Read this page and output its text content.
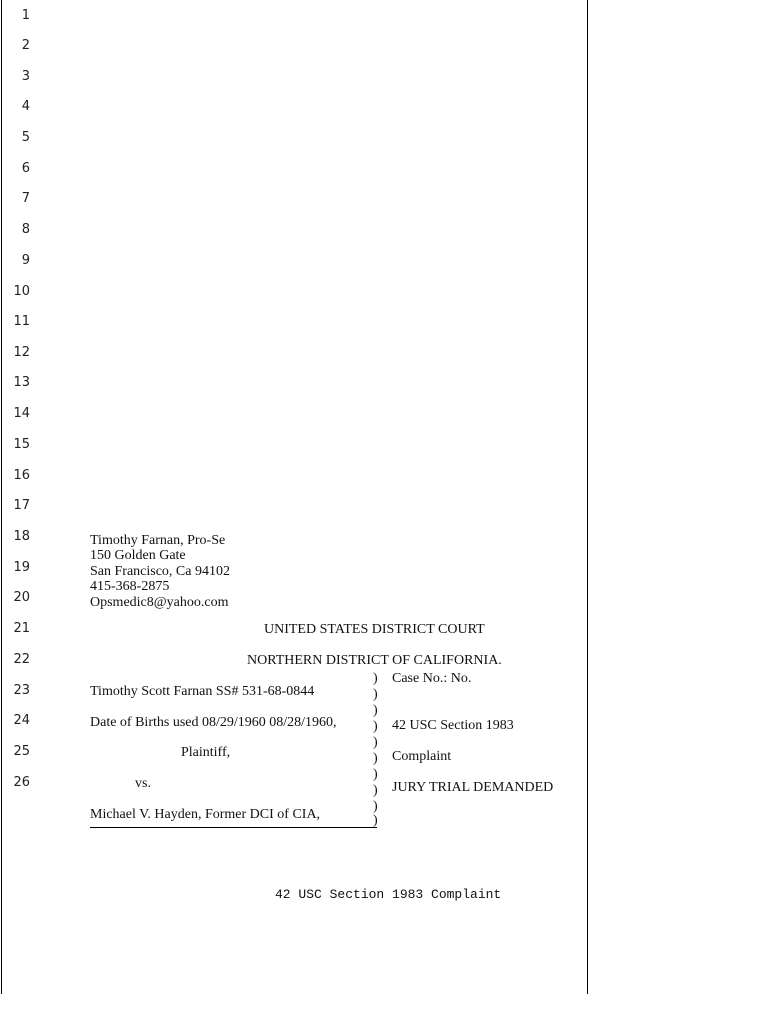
1
2
3
4
5
6
7
8
9
10
11
12
13
14
15
16
17
18
19
20
21
22
23
24
25
26
Timothy Farnan, Pro-Se
150 Golden Gate
San Francisco, Ca 94102
415-368-2875
Opsmedic8@yahoo.com
UNITED STATES DISTRICT COURT
NORTHERN DISTRICT OF CALIFORNIA.
Timothy Scott Farnan SS# 531-68-0844
Date of Births used 08/29/1960 08/28/1960,
Plaintiff,
vs.
Michael V. Hayden, Former DCI of CIA,
)
)
)
)
)
)
)
)
)
)
Case No.: No.
42 USC Section 1983
Complaint
JURY TRIAL DEMANDED
42 USC Section 1983 Complaint
